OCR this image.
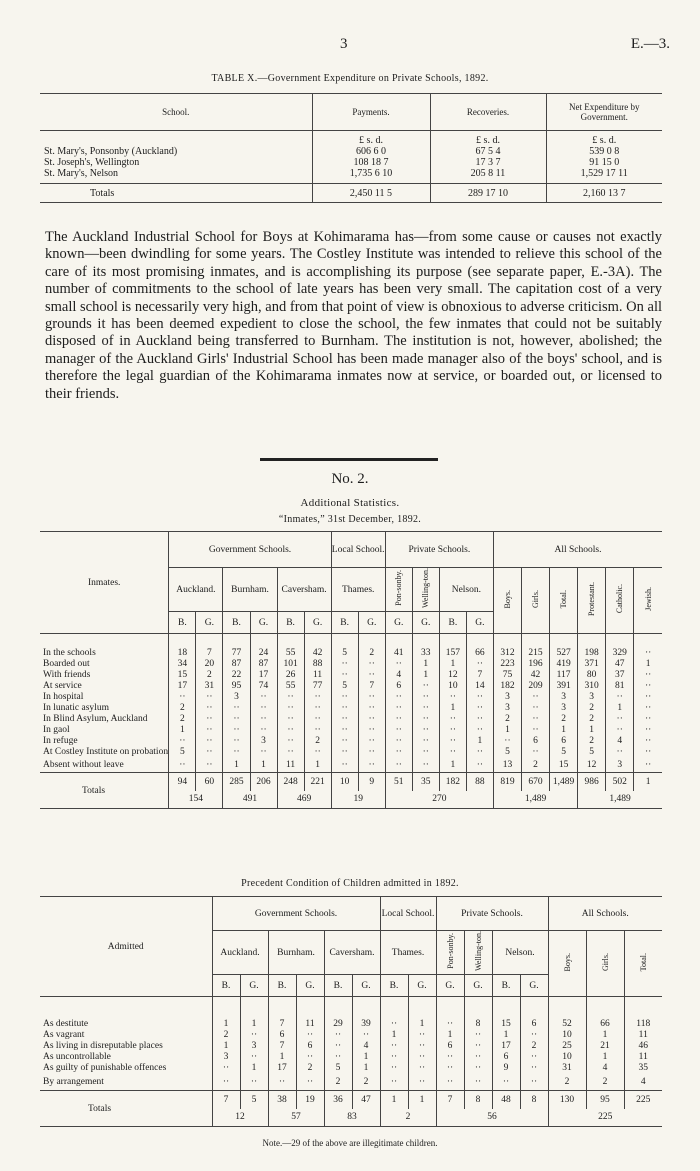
3	E.—3.
TABLE X.—Government Expenditure on Private Schools, 1892.
School.	Payments.	Recoveries.	Net Expenditure by Government.

	£ s. d.	£ s. d.	£ s. d.
St. Mary's, Ponsonby (Auckland)	606 6 0	67 5 4	539 0 8
St. Joseph's, Wellington	108 18 7	17 3 7	91 15 0
St. Mary's, Nelson	1,735 6 10	205 8 11	1,529 17 11

Totals	2,450 11 5	289 17 10	2,160 13 7
The Auckland Industrial School for Boys at Kohimarama has—from some cause or causes not exactly known—been dwindling for some years. The Costley Institute was intended to relieve this school of the care of its most promising inmates, and is accomplishing its purpose (see separate paper, E.-3A). The number of commitments to the school of late years has been very small. The capitation cost of a very small school is necessarily very high, and from that point of view is obnoxious to adverse criticism. On all grounds it has been deemed expedient to close the school, the few inmates that could not be suitably disposed of in Auckland being transferred to Burnham. The institution is not, however, abolished; the manager of the Auckland Girls' Industrial School has been made manager also of the boys' school, and is therefore the legal guardian of the Kohimarama inmates now at service, or boarded out, or licensed to their friends.
No. 2.
Additional Statistics.
“Inmates,” 31st December, 1892.
Inmates.	Government Schools.						Local School.		Private Schools.				All Schools.					
	Auckland.		Burnham.		Caversham.		Thames.		Pon-sonby.	Welling-ton.	Nelson.		Boys.	Girls.	Total.	Protestant.	Catholic.	Jewish.
	B.	G.	B.	G.	B.	G.	B.	G.	G.	G.	B.	G.						
In the schools	18	7	77	24	55	42	5	2	41	33	157	66	312	215	527	198	329	··
Boarded out	34	20	87	87	101	88	··	··	··	1	1	··	223	196	419	371	47	1
With friends	15	2	22	17	26	11	··	··	4	1	12	7	75	42	117	80	37	··
At service	17	31	95	74	55	77	5	7	6	··	10	14	182	209	391	310	81	··
In hospital	··	··	3	··	··	··	··	··	··	··	··	··	3	··	3	3	··	··
In lunatic asylum	2	··	··	··	··	··	··	··	··	··	1	··	3	··	3	2	1	··
In Blind Asylum, Auckland	2	··	··	··	··	··	··	··	··	··	··	··	2	··	2	2	··	··
In gaol	1	··	··	··	··	··	··	··	··	··	··	··	1	··	1	1	··	··
In refuge	··	··	··	3	··	2	··	··	··	··	··	1	··	6	6	2	4	··
At Costley Institute on probation	5	··	··	··	··	··	··	··	··	··	··	··	5	··	5	5	··	··
Absent without leave	··	··	1	1	11	1	··	··	··	··	1	··	13	2	15	12	3	··
Totals	94	60	285	206	248	221	10	9	51	35	182	88	819	670	1,489	986	502	1
	154		491		469		19		270				1,489			1,489		
Precedent Condition of Children admitted in 1892.
Admitted	Government Schools.						Local School.		Private Schools.				All Schools.		
	Auckland.		Burnham.		Caversham.		Thames.		Pon-sonby.	Welling-ton.	Nelson.		Boys.	Girls.	Total.
	B.	G.	B.	G.	B.	G.	B.	G.	G.	G.	B.	G.			
As destitute	1	1	7	11	29	39	··	1	··	8	15	6	52	66	118
As vagrant	2	··	6	··	··	··	1	··	1	··	1	··	10	1	11
As living in disreputable places	1	3	7	6	··	4	··	··	6	··	17	2	25	21	46
As uncontrollable	3	··	1	··	··	1	··	··	··	··	6	··	10	1	11
As guilty of punishable offences	··	1	17	2	5	1	··	··	··	··	9	··	31	4	35
By arrangement	··	··	··	··	2	2	··	··	··	··	··	··	2	2	4
Totals	7	5	38	19	36	47	1	1	7	8	48	8	130	95	225
	12		57		83		2		56				225		
Note.—29 of the above are illegitimate children.
